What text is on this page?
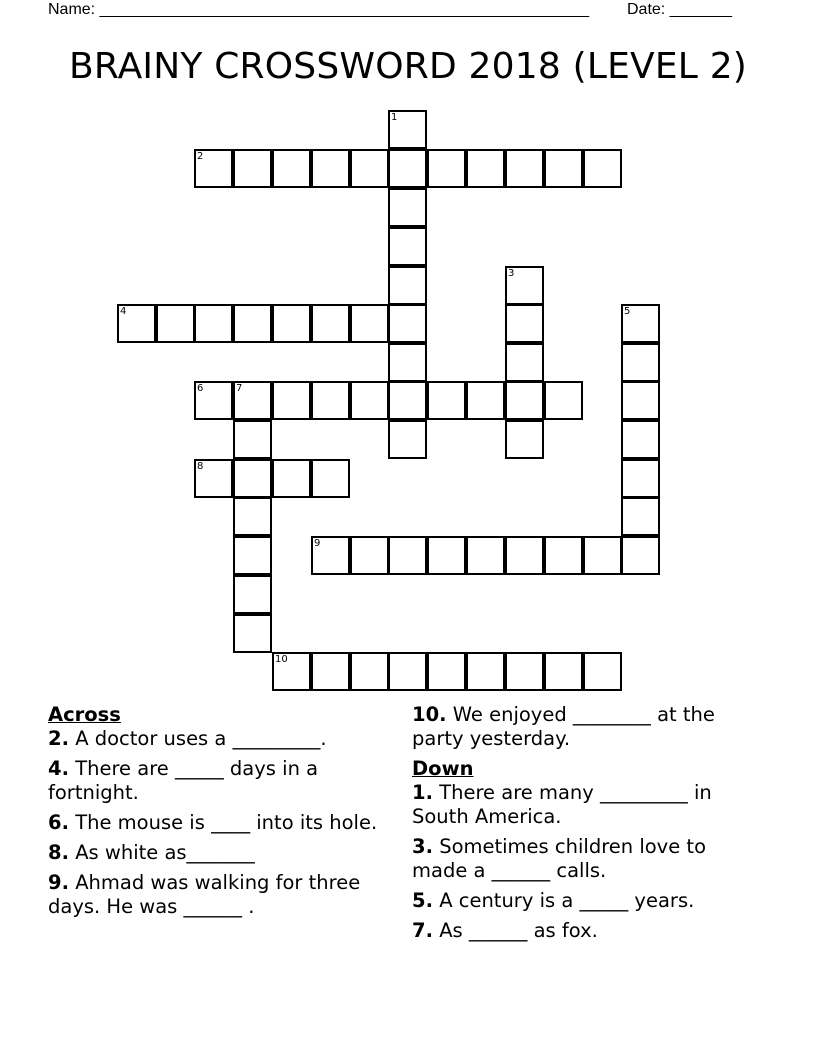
Name: _______________________________________________________ Date: _______
BRAINY CROSSWORD 2018 (LEVEL 2)
1
2
3
4	5
6	7
8
9
10

Across

2. A doctor uses a _________.

4. There are _____ days in a fortnight.

6. The mouse is ____ into its hole.

8. As white as_______

9. Ahmad was walking for three days. He was ______ .

10. We enjoyed ________ at the party yesterday.

Down

1. There are many _________ in South America.

3. Sometimes children love to made a ______ calls.

5. A century is a _____ years.

7. As ______ as fox.
